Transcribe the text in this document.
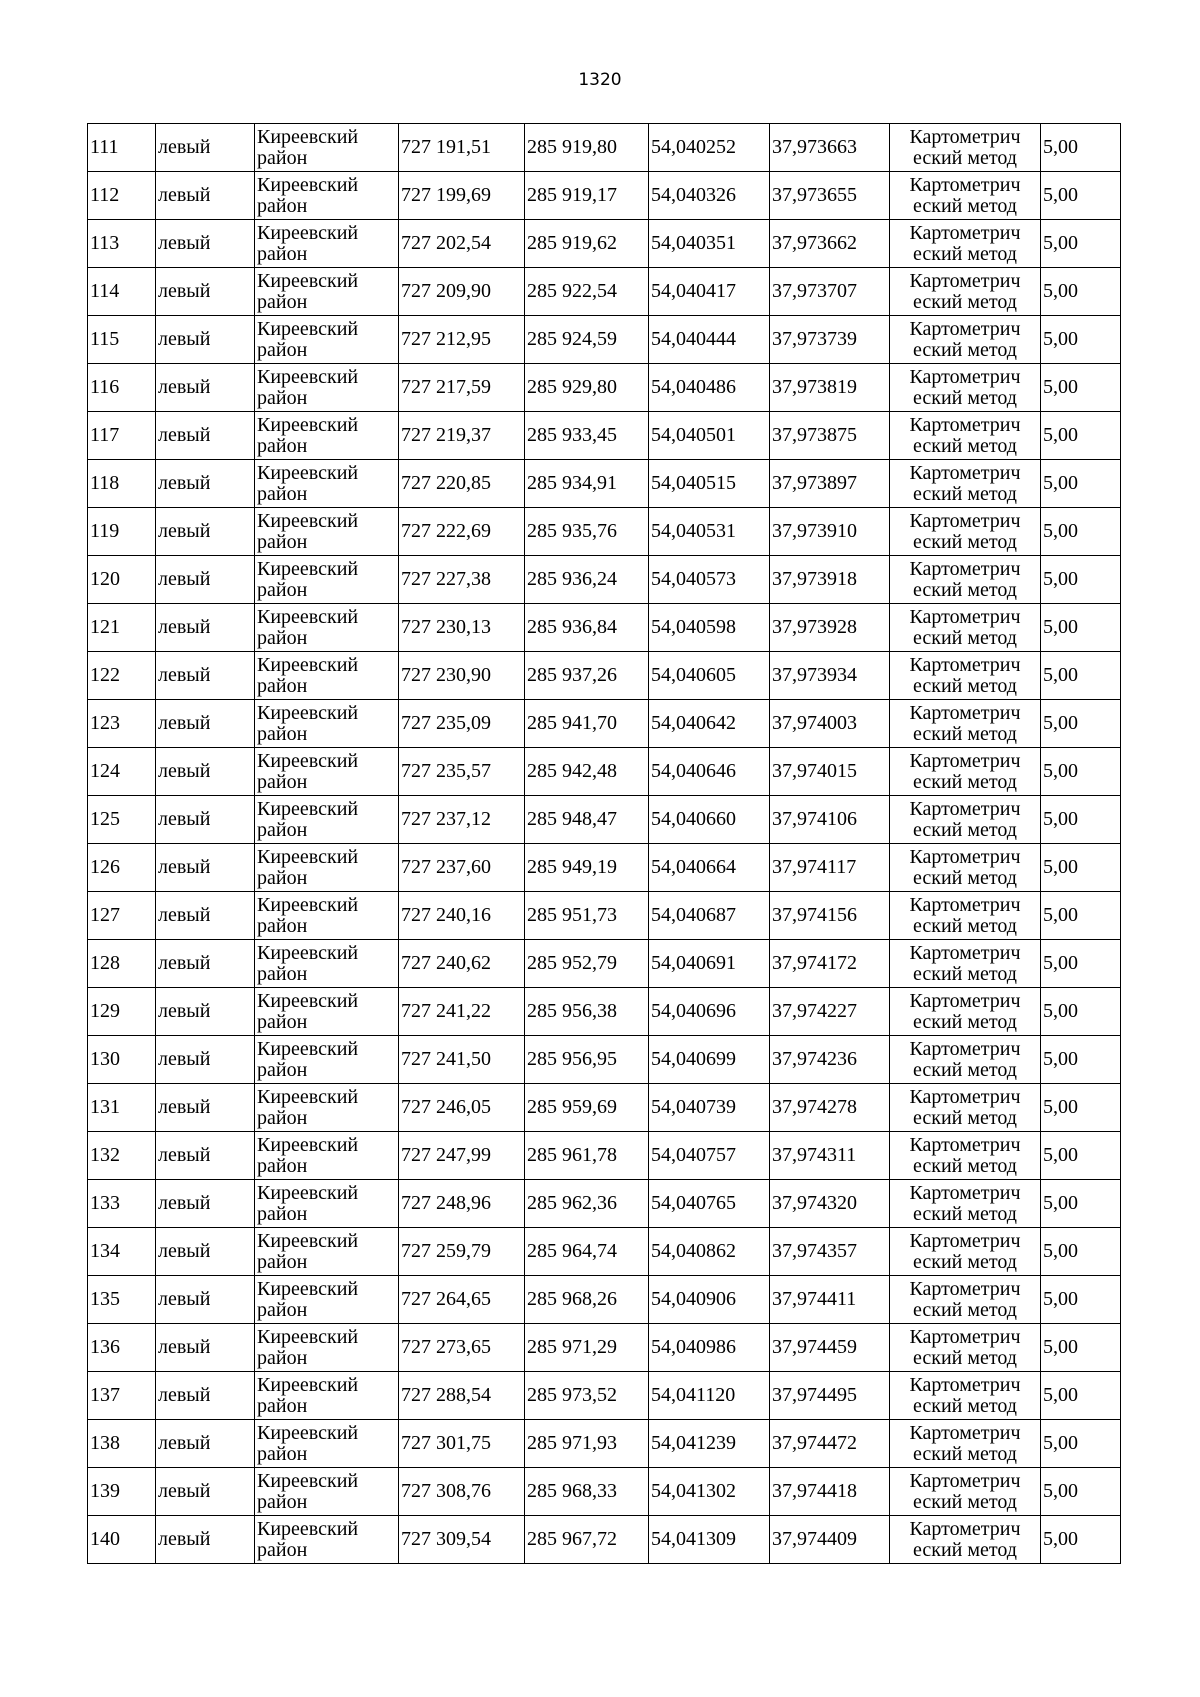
1320
111	левый	Киреевский район	727 191,51	285 919,80	54,040252	37,973663	Картометрич еский метод	5,00
112	левый	Киреевский район	727 199,69	285 919,17	54,040326	37,973655	Картометрич еский метод	5,00
113	левый	Киреевский район	727 202,54	285 919,62	54,040351	37,973662	Картометрич еский метод	5,00
114	левый	Киреевский район	727 209,90	285 922,54	54,040417	37,973707	Картометрич еский метод	5,00
115	левый	Киреевский район	727 212,95	285 924,59	54,040444	37,973739	Картометрич еский метод	5,00
116	левый	Киреевский район	727 217,59	285 929,80	54,040486	37,973819	Картометрич еский метод	5,00
117	левый	Киреевский район	727 219,37	285 933,45	54,040501	37,973875	Картометрич еский метод	5,00
118	левый	Киреевский район	727 220,85	285 934,91	54,040515	37,973897	Картометрич еский метод	5,00
119	левый	Киреевский район	727 222,69	285 935,76	54,040531	37,973910	Картометрич еский метод	5,00
120	левый	Киреевский район	727 227,38	285 936,24	54,040573	37,973918	Картометрич еский метод	5,00
121	левый	Киреевский район	727 230,13	285 936,84	54,040598	37,973928	Картометрич еский метод	5,00
122	левый	Киреевский район	727 230,90	285 937,26	54,040605	37,973934	Картометрич еский метод	5,00
123	левый	Киреевский район	727 235,09	285 941,70	54,040642	37,974003	Картометрич еский метод	5,00
124	левый	Киреевский район	727 235,57	285 942,48	54,040646	37,974015	Картометрич еский метод	5,00
125	левый	Киреевский район	727 237,12	285 948,47	54,040660	37,974106	Картометрич еский метод	5,00
126	левый	Киреевский район	727 237,60	285 949,19	54,040664	37,974117	Картометрич еский метод	5,00
127	левый	Киреевский район	727 240,16	285 951,73	54,040687	37,974156	Картометрич еский метод	5,00
128	левый	Киреевский район	727 240,62	285 952,79	54,040691	37,974172	Картометрич еский метод	5,00
129	левый	Киреевский район	727 241,22	285 956,38	54,040696	37,974227	Картометрич еский метод	5,00
130	левый	Киреевский район	727 241,50	285 956,95	54,040699	37,974236	Картометрич еский метод	5,00
131	левый	Киреевский район	727 246,05	285 959,69	54,040739	37,974278	Картометрич еский метод	5,00
132	левый	Киреевский район	727 247,99	285 961,78	54,040757	37,974311	Картометрич еский метод	5,00
133	левый	Киреевский район	727 248,96	285 962,36	54,040765	37,974320	Картометрич еский метод	5,00
134	левый	Киреевский район	727 259,79	285 964,74	54,040862	37,974357	Картометрич еский метод	5,00
135	левый	Киреевский район	727 264,65	285 968,26	54,040906	37,974411	Картометрич еский метод	5,00
136	левый	Киреевский район	727 273,65	285 971,29	54,040986	37,974459	Картометрич еский метод	5,00
137	левый	Киреевский район	727 288,54	285 973,52	54,041120	37,974495	Картометрич еский метод	5,00
138	левый	Киреевский район	727 301,75	285 971,93	54,041239	37,974472	Картометрич еский метод	5,00
139	левый	Киреевский район	727 308,76	285 968,33	54,041302	37,974418	Картометрич еский метод	5,00
140	левый	Киреевский район	727 309,54	285 967,72	54,041309	37,974409	Картометрич еский метод	5,00
